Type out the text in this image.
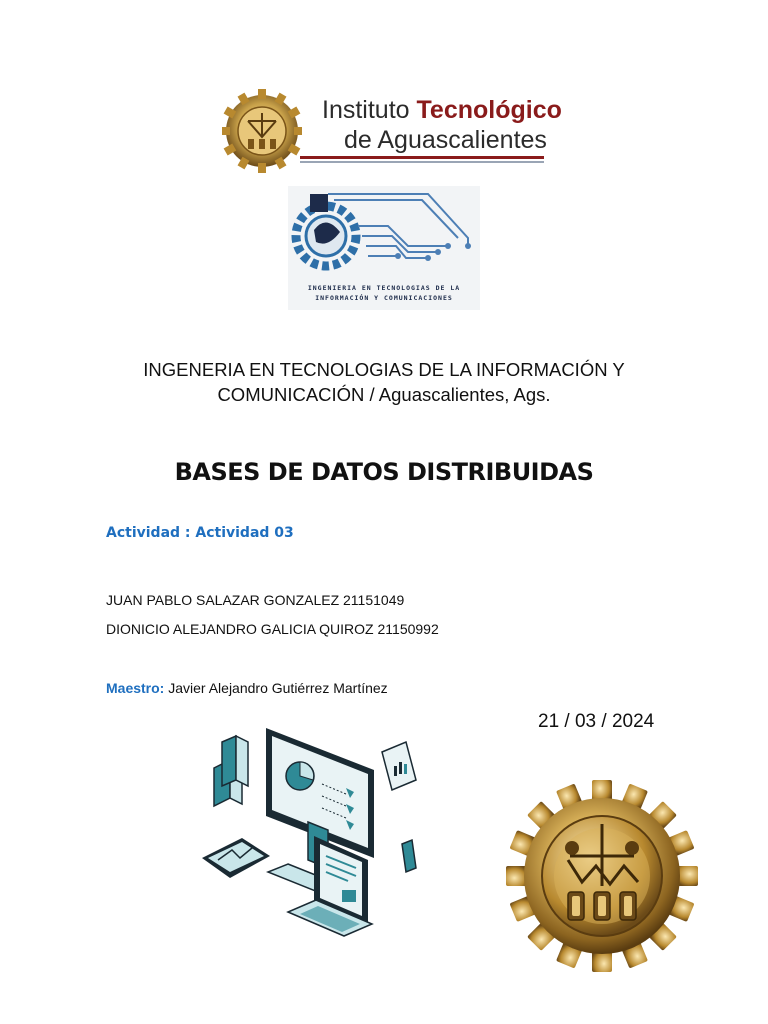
Instituto Tecnológico
de Aguascalientes
INGENIERIA EN TECNOLOGIAS DE LA
INFORMACIÓN Y COMUNICACIONES
INGENERIA EN TECNOLOGIAS DE LA INFORMACIÓN Y
COMUNICACIÓN / Aguascalientes, Ags.
BASES DE DATOS DISTRIBUIDAS
Actividad : Actividad 03
JUAN PABLO SALAZAR GONZALEZ 21151049
DIONICIO ALEJANDRO GALICIA QUIROZ 21150992
Maestro: Javier Alejandro Gutiérrez Martínez
21 / 03 / 2024
